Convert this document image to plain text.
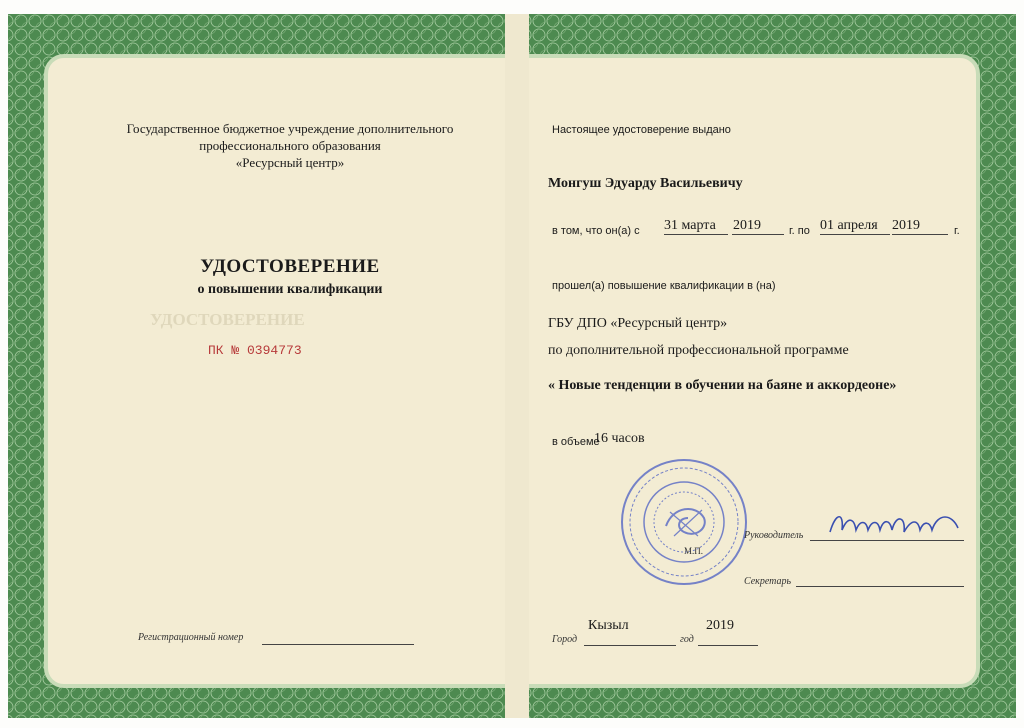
Государственное бюджетное учреждение дополнительного
профессионального образования
«Ресурсный центр»
УДОСТОВЕРЕНИЕ
о повышении квалификации
УДОСТОВЕРЕНИЕ
ПК № 0394773
Регистрационный номер
Настоящее удостоверение выдано
Монгуш Эдуарду Васильевичу
в том, что он(а) с 31 марта 2019	г. по 01 апреля 2019	г.
прошел(а) повышение квалификации в (на)
ГБУ ДПО «Ресурсный центр»
по дополнительной профессиональной программе
« Новые тенденции в обучении на баяне и аккордеоне»
в объеме
16 часов
М.П.
Руководитель
Секретарь
Кызыл
Город
2019
год
